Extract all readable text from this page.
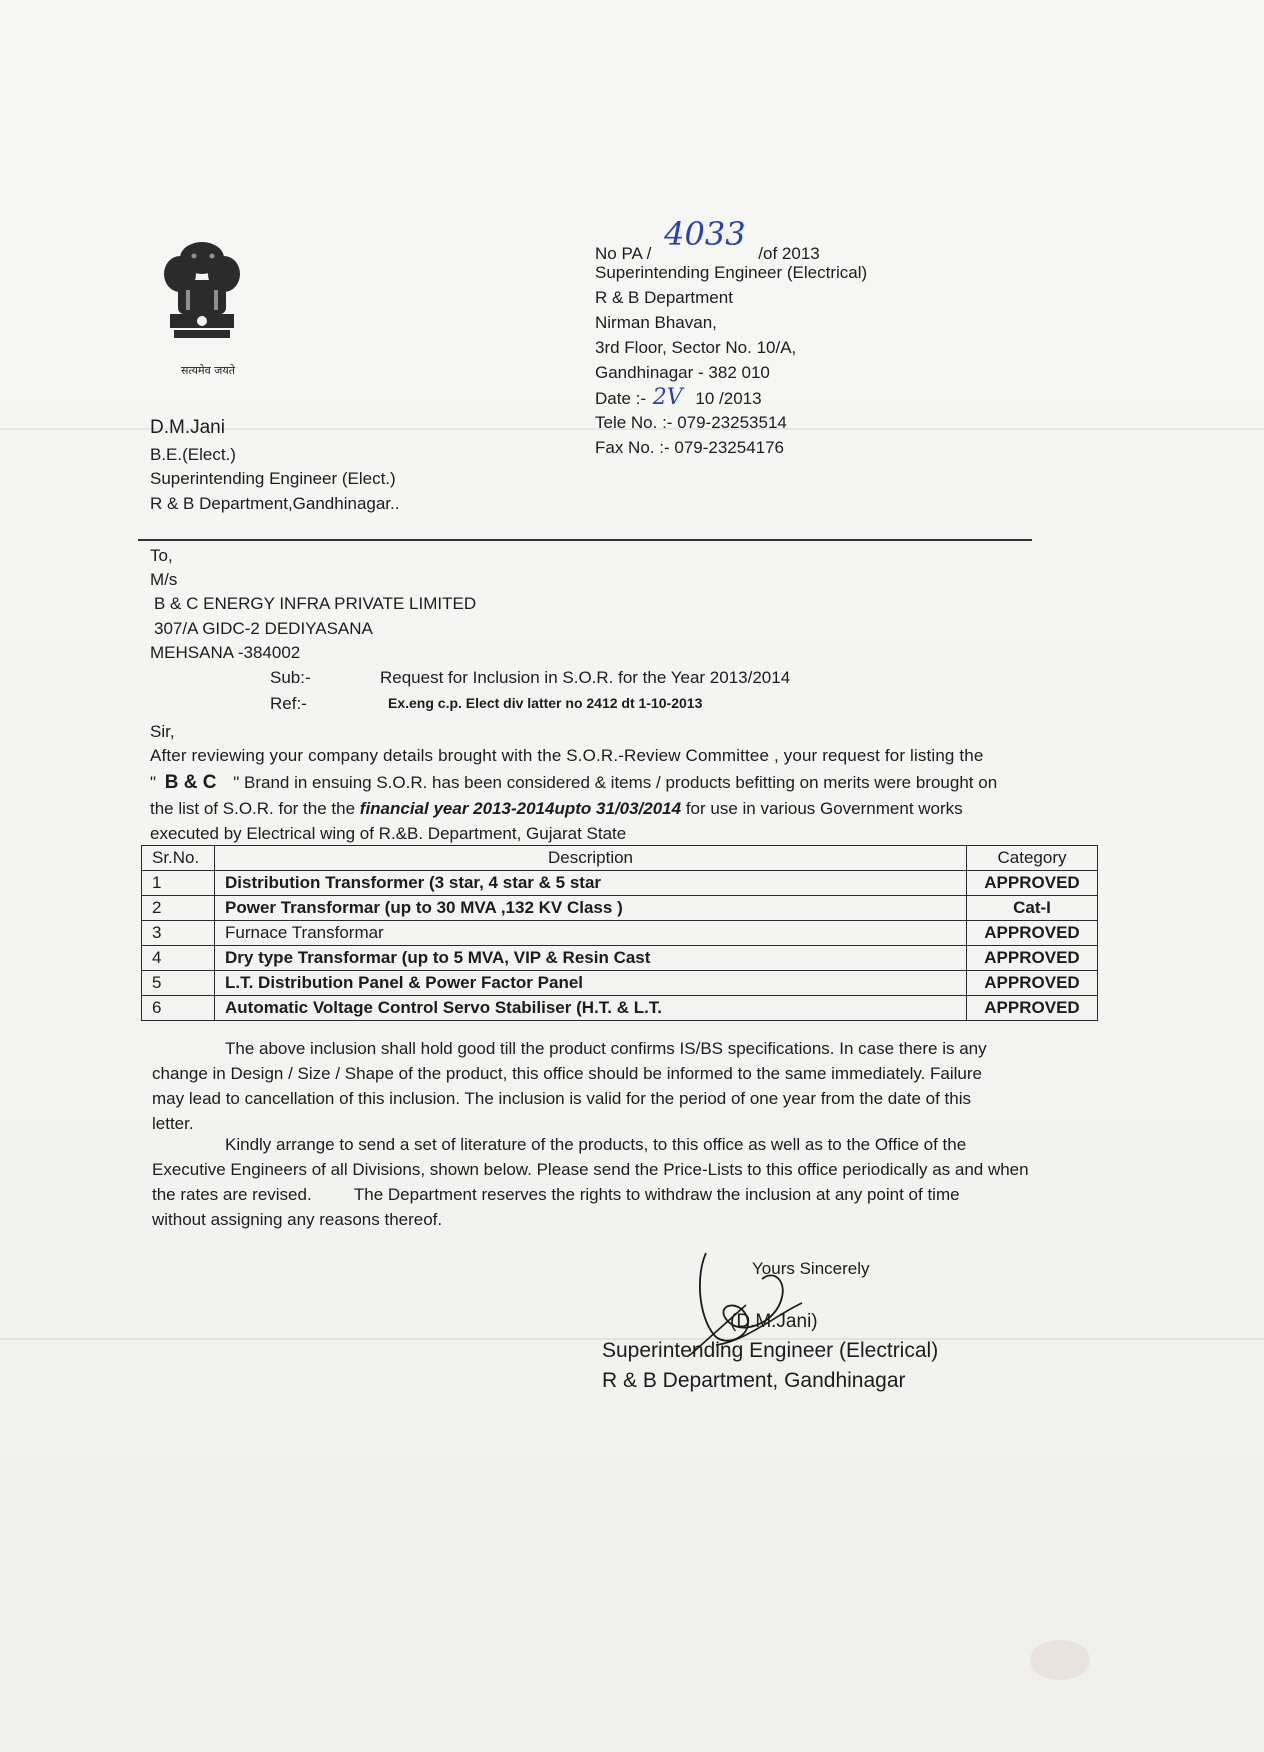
सत्यमेव जयते
No PA / 4033 /of 2013
Superintending Engineer (Electrical)
R & B Department
Nirman Bhavan,
3rd Floor, Sector No. 10/A,
Gandhinagar - 382 010
Date :- 2V 10 /2013
Tele No. :- 079-23253514
Fax No. :- 079-23254176
D.M.Jani
B.E.(Elect.)
Superintending Engineer (Elect.)
R & B Department,Gandhinagar..
To,
M/s
B & C ENERGY INFRA PRIVATE LIMITED
307/A GIDC-2 DEDIYASANA
MEHSANA -384002
Sub:-	Request for Inclusion in S.O.R. for the Year 2013/2014
Ref:-	Ex.eng c.p. Elect div latter no 2412 dt 1-10-2013
Sir,
After reviewing your company details brought with the S.O.R.-Review Committee , your request for listing the
" B & C " Brand in ensuing S.O.R. has been considered & items / products befitting on merits were brought on
the list of S.O.R. for the the financial year 2013-2014upto 31/03/2014 for use in various Government works
executed by Electrical wing of R.&B. Department, Gujarat State
Sr.No.	Description	Category
1	Distribution Transformer (3 star, 4 star & 5 star	APPROVED
2	Power Transformar (up to 30 MVA ,132 KV Class )	Cat-I
3	Furnace Transformar	APPROVED
4	Dry type Transformar (up to 5 MVA, VIP & Resin Cast	APPROVED
5	L.T. Distribution Panel & Power Factor Panel	APPROVED
6	Automatic Voltage Control Servo Stabiliser (H.T. & L.T.	APPROVED
The above inclusion shall hold good till the product confirms IS/BS specifications. In case there is any
change in Design / Size / Shape of the product, this office should be informed to the same immediately. Failure
may lead to cancellation of this inclusion. The inclusion is valid for the period of one year from the date of this
letter.
Kindly arrange to send a set of literature of the products, to this office as well as to the Office of the
Executive Engineers of all Divisions, shown below. Please send the Price-Lists to this office periodically as and when
the rates are revised.         The Department reserves the rights to withdraw the inclusion at any point of time
without assigning any reasons thereof.
Yours Sincerely
(D.M.Jani)
Superintending Engineer (Electrical)
R & B Department, Gandhinagar
